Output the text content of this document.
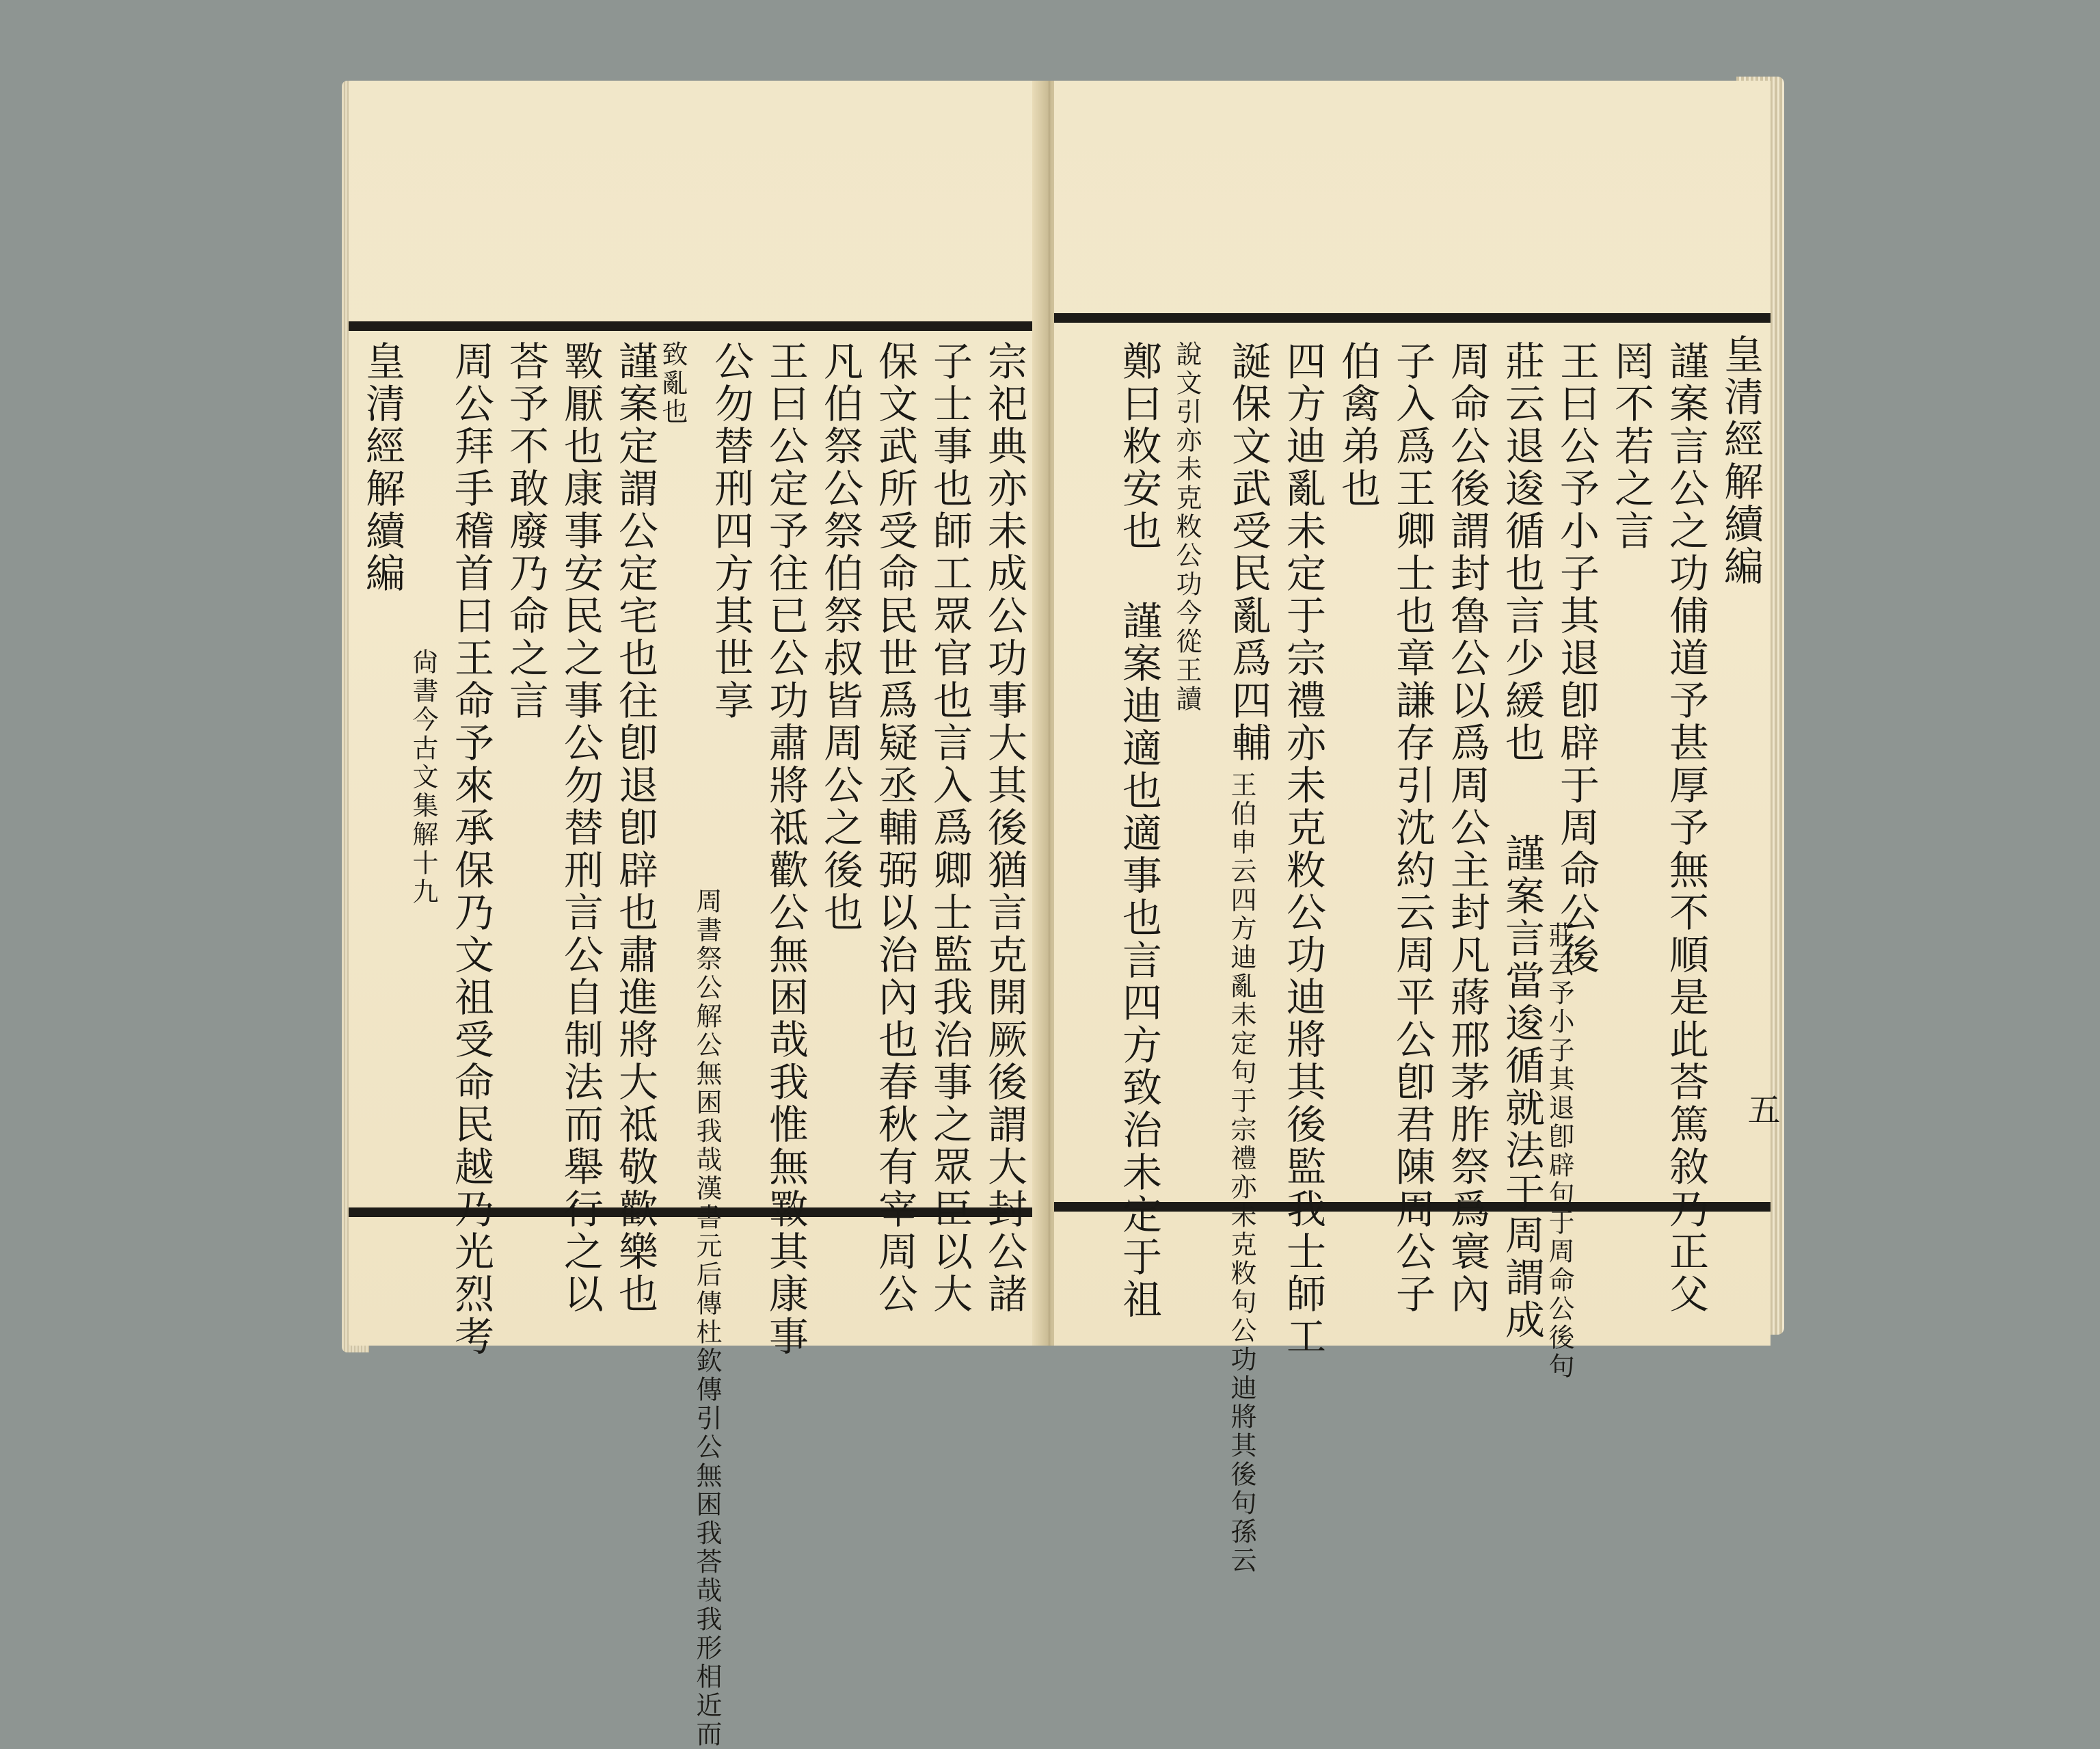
宗祀典亦未成公功事大其後猶言克開厥後謂大封公諸
子士事也師工眾官也言入爲卿士監我治事之眾臣以大
保文武所受命民世爲疑丞輔弼以治內也春秋有宰周公
凡伯祭公祭伯祭叔皆周公之後也
王曰公定予往已公功肅將祗歡公無困哉我惟無斁其康事
公勿替刑四方其世享
周書祭公解公無困我哉漢書元后傳杜欽傳引公無困我荅哉我形相近而
致亂也
謹案定謂公定宅也往卽退卽辟也肅進將大祗敬歡樂也
斁厭也康事安民之事公勿替刑言公自制法而舉行之以
荅予不敢廢乃命之言
周公拜手稽首曰王命予來承保乃文祖受命民越乃光烈考
皇清經解續編
尙書今古文集解十九
皇清經解續編
謹案言公之功俌道予甚厚予無不順是此荅篤敘乃正父
罔不若之言
王曰公予小子其退卽辟于周命公後
莊云予小子其退卽辟句于周命公後句
莊云退逡循也言少緩也
謹案言當逡循就法于周謂成
周命公後謂封魯公以爲周公主封凡蔣邢茅胙祭爲寰內
子入爲王卿士也章謙存引沈約云周平公卽君陳周公子
伯禽弟也
四方迪亂未定于宗禮亦未克敉公功迪將其後監我士師工
誕保文武受民亂爲四輔
王伯申云四方迪亂未定句于宗禮亦未克敉句公功迪將其後句孫云
說文引亦未克敉公功今從王讀
鄭曰敉安也
謹案迪適也適事也言四方致治未定于祖	五
